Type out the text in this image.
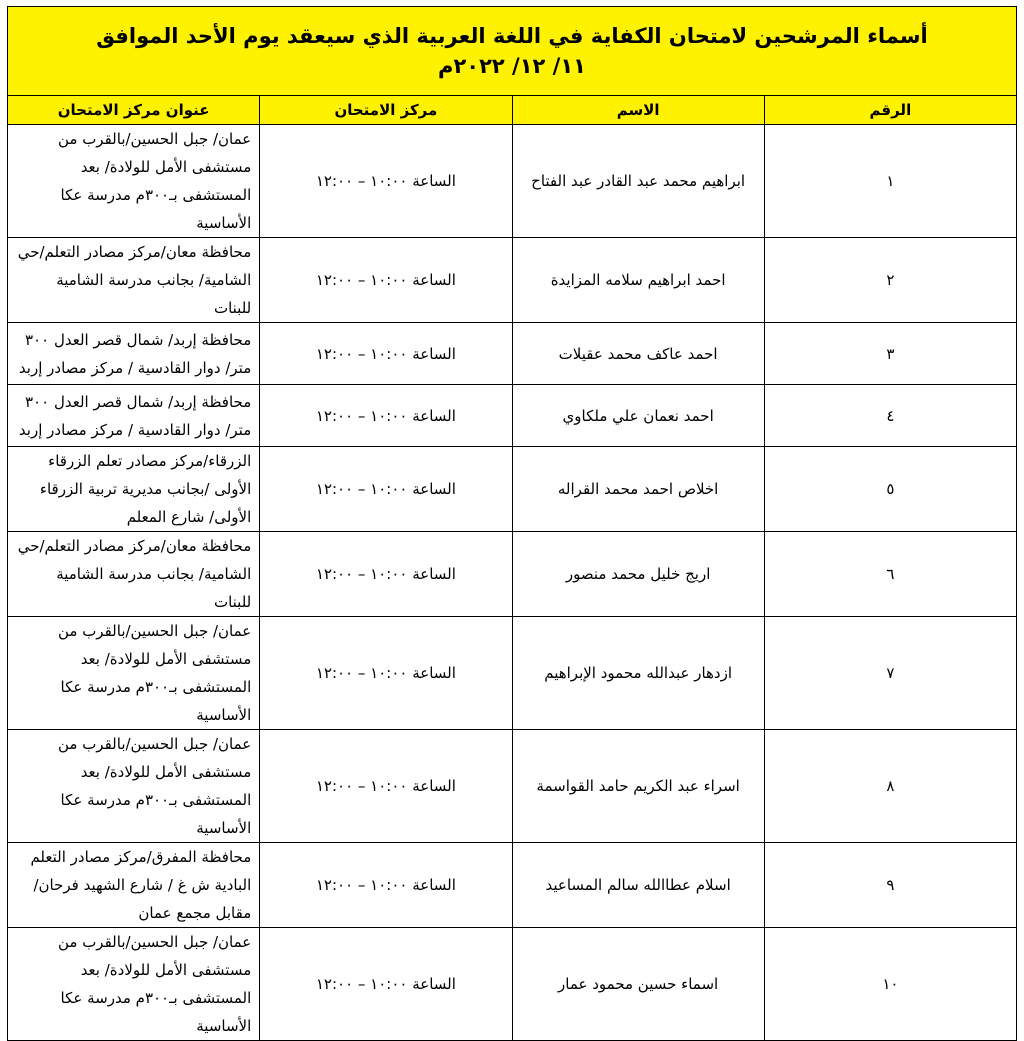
أسماء المرشحين لامتحان الكفاية في اللغة العربية الذي سيعقد يوم الأحد الموافق
١١/ ١٢/ ٢٠٢٢م			

الرقم	الاسم	مركز الامتحان	عنوان مركز الامتحان
١	ابراهيم محمد عبد القادر عبد الفتاح	الساعة ١٠:٠٠ – ١٢:٠٠	عمان/ جبل الحسين/بالقرب من مستشفى الأمل للولادة/ بعد المستشفى بـ٣٠٠م مدرسة عكا الأساسية
٢	احمد ابراهيم سلامه المزايدة	الساعة ١٠:٠٠ – ١٢:٠٠	محافظة معان/مركز مصادر التعلم/حي الشامية/ بجانب مدرسة الشامية للبنات
٣	احمد عاكف محمد عقيلات	الساعة ١٠:٠٠ – ١٢:٠٠	محافظة إربد/ شمال قصر العدل ٣٠٠ متر/ دوار القادسية / مركز مصادر إربد
٤	احمد نعمان علي ملكاوي	الساعة ١٠:٠٠ – ١٢:٠٠	محافظة إربد/ شمال قصر العدل ٣٠٠ متر/ دوار القادسية / مركز مصادر إربد
٥	اخلاص احمد محمد القراله	الساعة ١٠:٠٠ – ١٢:٠٠	الزرقاء/مركز مصادر تعلم الزرقاء الأولى /بجانب مديرية تربية الزرقاء الأولى/ شارع المعلم
٦	اريج خليل محمد منصور	الساعة ١٠:٠٠ – ١٢:٠٠	محافظة معان/مركز مصادر التعلم/حي الشامية/ بجانب مدرسة الشامية للبنات
٧	ازدهار عبدالله محمود الإبراهيم	الساعة ١٠:٠٠ – ١٢:٠٠	عمان/ جبل الحسين/بالقرب من مستشفى الأمل للولادة/ بعد المستشفى بـ٣٠٠م مدرسة عكا الأساسية
٨	اسراء عبد الكريم حامد القواسمة	الساعة ١٠:٠٠ – ١٢:٠٠	عمان/ جبل الحسين/بالقرب من مستشفى الأمل للولادة/ بعد المستشفى بـ٣٠٠م مدرسة عكا الأساسية
٩	اسلام عطاالله سالم المساعيد	الساعة ١٠:٠٠ – ١٢:٠٠	محافظة المفرق/مركز مصادر التعلم البادية ش غ / شارع الشهيد فرحان/ مقابل مجمع عمان
١٠	اسماء حسين محمود عمار	الساعة ١٠:٠٠ – ١٢:٠٠	عمان/ جبل الحسين/بالقرب من مستشفى الأمل للولادة/ بعد المستشفى بـ٣٠٠م مدرسة عكا الأساسية
